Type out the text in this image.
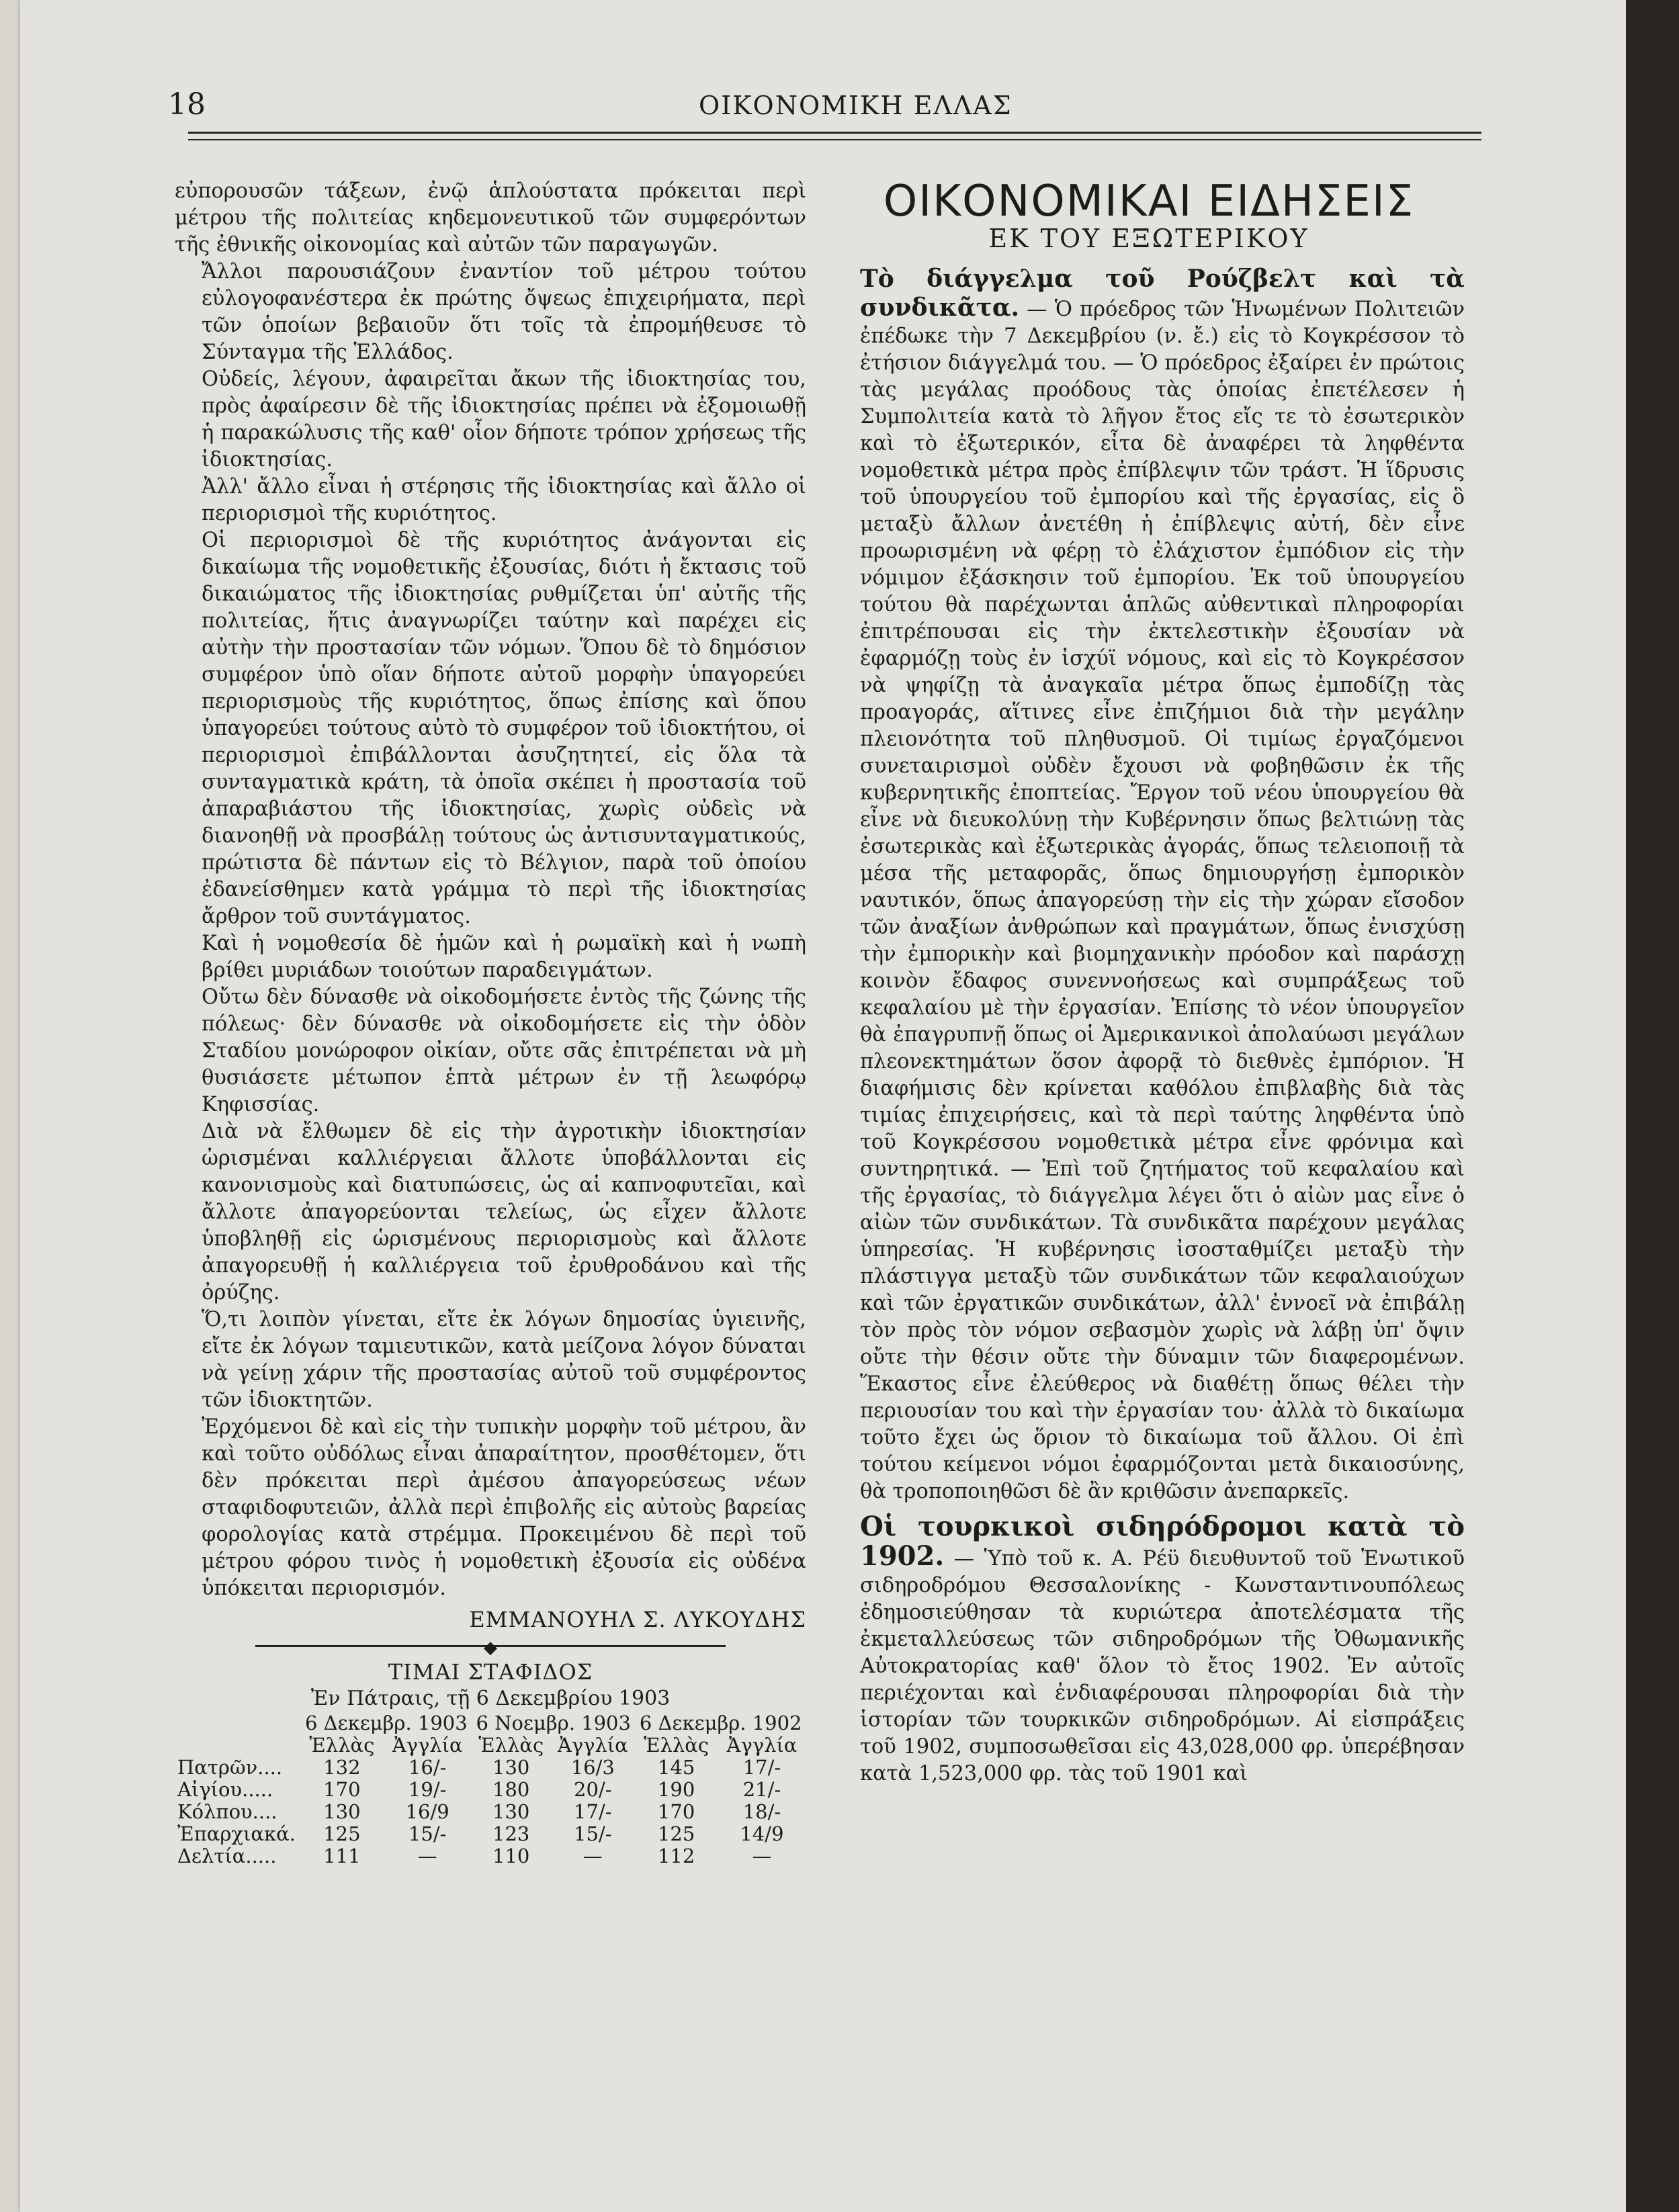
18	ΟΙΚΟΝΟΜΙΚΗ ΕΛΛΑΣ

εὐπορουσῶν τάξεων, ἐνῷ ἁπλούστατα πρόκειται περὶ μέτρου τῆς πολιτείας κηδεμονευτικοῦ τῶν συμφερόντων τῆς ἐθνικῆς οἰκονομίας καὶ αὐτῶν τῶν παραγωγῶν.

Ἄλλοι παρουσιάζουν ἐναντίον τοῦ μέτρου τούτου εὐλογοφανέστερα ἐκ πρώτης ὄψεως ἐπιχειρήματα, περὶ τῶν ὁποίων βεβαιοῦν ὅτι τοῖς τὰ ἐπρομήθευσε τὸ Σύνταγμα τῆς Ἑλλάδος.

Οὐδείς, λέγουν, ἀφαιρεῖται ἄκων τῆς ἰδιοκτησίας του, πρὸς ἀφαίρεσιν δὲ τῆς ἰδιοκτησίας πρέπει νὰ ἐξομοιωθῇ ἡ παρακώλυσις τῆς καθ' οἷον δήποτε τρόπον χρήσεως τῆς ἰδιοκτησίας.

Ἀλλ' ἄλλο εἶναι ἡ στέρησις τῆς ἰδιοκτησίας καὶ ἄλλο οἱ περιορισμοὶ τῆς κυριότητος.

Οἱ περιορισμοὶ δὲ τῆς κυριότητος ἀνάγονται εἰς δικαίωμα τῆς νομοθετικῆς ἐξουσίας, διότι ἡ ἔκτασις τοῦ δικαιώματος τῆς ἰδιοκτησίας ρυθμίζεται ὑπ' αὐτῆς τῆς πολιτείας, ἥτις ἀναγνωρίζει ταύτην καὶ παρέχει εἰς αὐτὴν τὴν προστασίαν τῶν νόμων. Ὅπου δὲ τὸ δημόσιον συμφέρον ὑπὸ οἵαν δήποτε αὐτοῦ μορφὴν ὑπαγορεύει περιορισμοὺς τῆς κυριότητος, ὅπως ἐπίσης καὶ ὅπου ὑπαγορεύει τούτους αὐτὸ τὸ συμφέρον τοῦ ἰδιοκτήτου, οἱ περιορισμοὶ ἐπιβάλλονται ἀσυζητητεί, εἰς ὅλα τὰ συνταγματικὰ κράτη, τὰ ὁποῖα σκέπει ἡ προστασία τοῦ ἀπαραβιάστου τῆς ἰδιοκτησίας, χωρὶς οὐδεὶς νὰ διανοηθῇ νὰ προσβάλῃ τούτους ὡς ἀντισυνταγματικούς, πρώτιστα δὲ πάντων εἰς τὸ Βέλγιον, παρὰ τοῦ ὁποίου ἐδανείσθημεν κατὰ γράμμα τὸ περὶ τῆς ἰδιοκτησίας ἄρθρον τοῦ συντάγματος.

Καὶ ἡ νομοθεσία δὲ ἡμῶν καὶ ἡ ρωμαϊκὴ καὶ ἡ νωπὴ βρίθει μυριάδων τοιούτων παραδειγμάτων.

Οὔτω δὲν δύνασθε νὰ οἰκοδομήσετε ἐντὸς τῆς ζώνης τῆς πόλεως· δὲν δύνασθε νὰ οἰκοδομήσετε εἰς τὴν ὁδὸν Σταδίου μονώροφον οἰκίαν, οὔτε σᾶς ἐπιτρέπεται νὰ μὴ θυσιάσετε μέτωπον ἑπτὰ μέτρων ἐν τῇ λεωφόρῳ Κηφισσίας.

Διὰ νὰ ἔλθωμεν δὲ εἰς τὴν ἀγροτικὴν ἰδιοκτησίαν ὡρισμέναι καλλιέργειαι ἄλλοτε ὑποβάλλονται εἰς κανονισμοὺς καὶ διατυπώσεις, ὡς αἱ καπνοφυτεῖαι, καὶ ἄλλοτε ἀπαγορεύονται τελείως, ὡς εἶχεν ἄλλοτε ὑποβληθῇ εἰς ὡρισμένους περιορισμοὺς καὶ ἄλλοτε ἀπαγορευθῇ ἡ καλλιέργεια τοῦ ἐρυθροδάνου καὶ τῆς ὀρύζης.

Ὅ,τι λοιπὸν γίνεται, εἴτε ἐκ λόγων δημοσίας ὑγιεινῆς, εἴτε ἐκ λόγων ταμιευτικῶν, κατὰ μείζονα λόγον δύναται νὰ γείνῃ χάριν τῆς προστασίας αὐτοῦ τοῦ συμφέροντος τῶν ἰδιοκτητῶν.

Ἐρχόμενοι δὲ καὶ εἰς τὴν τυπικὴν μορφὴν τοῦ μέτρου, ἂν καὶ τοῦτο οὐδόλως εἶναι ἀπαραίτητον, προσθέτομεν, ὅτι δὲν πρόκειται περὶ ἀμέσου ἀπαγορεύσεως νέων σταφιδοφυτειῶν, ἀλλὰ περὶ ἐπιβολῆς εἰς αὐτοὺς βαρείας φορολογίας κατὰ στρέμμα. Προκειμένου δὲ περὶ τοῦ μέτρου φόρου τινὸς ἡ νομοθετικὴ ἐξουσία εἰς οὐδένα ὑπόκειται περιορισμόν.

ΕΜΜΑΝΟΥΗΛ Σ. ΛΥΚΟΥΔΗΣ
◆
ΤΙΜΑΙ ΣΤΑΦΙΔΟΣ
Ἐν Πάτραις, τῇ 6 Δεκεμβρίου 1903
	6 Δεκεμβρ. 1903		6 Νοεμβρ. 1903		6 Δεκεμβρ. 1902	
	Ἑλλὰς	Ἀγγλία	Ἑλλὰς	Ἀγγλία	Ἑλλὰς	Ἀγγλία
Πατρῶν....	132	16/-	130	16/3	145	17/-
Αἰγίου.....	170	19/-	180	20/-	190	21/-
Κόλπου....	130	16/9	130	17/-	170	18/-
Ἐπαρχιακά.	125	15/-	123	15/-	125	14/9
Δελτία.....	111	—	110	—	112	—
ΟΙΚΟΝΟΜΙΚΑΙ ΕΙΔΗΣΕΙΣ
ΕΚ ΤΟΥ ΕΞΩΤΕΡΙΚΟΥ

Τὸ διάγγελμα τοῦ Ρούζβελτ καὶ τὰ συνδικᾶτα. — Ὁ πρόεδρος τῶν Ἡνωμένων Πολιτειῶν ἐπέδωκε τὴν 7 Δεκεμβρίου (ν. ἔ.) εἰς τὸ Κογκρέσσον τὸ ἐτήσιον διάγγελμά του. — Ὁ πρόεδρος ἐξαίρει ἐν πρώτοις τὰς μεγάλας προόδους τὰς ὁποίας ἐπετέλεσεν ἡ Συμπολιτεία κατὰ τὸ λῆγον ἔτος εἴς τε τὸ ἐσωτερικὸν καὶ τὸ ἐξωτερικόν, εἶτα δὲ ἀναφέρει τὰ ληφθέντα νομοθετικὰ μέτρα πρὸς ἐπίβλεψιν τῶν τράστ. Ἡ ἵδρυσις τοῦ ὑπουργείου τοῦ ἐμπορίου καὶ τῆς ἐργασίας, εἰς ὃ μεταξὺ ἄλλων ἀνετέθη ἡ ἐπίβλεψις αὐτή, δὲν εἶνε προωρισμένη νὰ φέρῃ τὸ ἐλάχιστον ἐμπόδιον εἰς τὴν νόμιμον ἐξάσκησιν τοῦ ἐμπορίου. Ἐκ τοῦ ὑπουργείου τούτου θὰ παρέχωνται ἁπλῶς αὐθεντικαὶ πληροφορίαι ἐπιτρέπουσαι εἰς τὴν ἐκτελεστικὴν ἐξουσίαν νὰ ἐφαρμόζῃ τοὺς ἐν ἰσχύϊ νόμους, καὶ εἰς τὸ Κογκρέσσον νὰ ψηφίζῃ τὰ ἀναγκαῖα μέτρα ὅπως ἐμποδίζῃ τὰς προαγοράς, αἵτινες εἶνε ἐπιζήμιοι διὰ τὴν μεγάλην πλειονότητα τοῦ πληθυσμοῦ. Οἱ τιμίως ἐργαζόμενοι συνεταιρισμοὶ οὐδὲν ἔχουσι νὰ φοβηθῶσιν ἐκ τῆς κυβερνητικῆς ἐποπτείας. Ἔργον τοῦ νέου ὑπουργείου θὰ εἶνε νὰ διευκολύνῃ τὴν Κυβέρνησιν ὅπως βελτιώνῃ τὰς ἐσωτερικὰς καὶ ἐξωτερικὰς ἀγοράς, ὅπως τελειοποιῇ τὰ μέσα τῆς μεταφορᾶς, ὅπως δημιουργήσῃ ἐμπορικὸν ναυτικόν, ὅπως ἀπαγορεύσῃ τὴν εἰς τὴν χώραν εἴσοδον τῶν ἀναξίων ἀνθρώπων καὶ πραγμάτων, ὅπως ἐνισχύσῃ τὴν ἐμπορικὴν καὶ βιομηχανικὴν πρόοδον καὶ παράσχῃ κοινὸν ἔδαφος συνεννοήσεως καὶ συμπράξεως τοῦ κεφαλαίου μὲ τὴν ἐργασίαν. Ἐπίσης τὸ νέον ὑπουργεῖον θὰ ἐπαγρυπνῇ ὅπως οἱ Ἀμερικανικοὶ ἀπολαύωσι μεγάλων πλεονεκτημάτων ὅσον ἀφορᾷ τὸ διεθνὲς ἐμπόριον. Ἡ διαφήμισις δὲν κρίνεται καθόλου ἐπιβλαβὴς διὰ τὰς τιμίας ἐπιχειρήσεις, καὶ τὰ περὶ ταύτης ληφθέντα ὑπὸ τοῦ Κογκρέσσου νομοθετικὰ μέτρα εἶνε φρόνιμα καὶ συντηρητικά. — Ἐπὶ τοῦ ζητήματος τοῦ κεφαλαίου καὶ τῆς ἐργασίας, τὸ διάγγελμα λέγει ὅτι ὁ αἰὼν μας εἶνε ὁ αἰὼν τῶν συνδικάτων. Τὰ συνδικᾶτα παρέχουν μεγάλας ὑπηρεσίας. Ἡ κυβέρνησις ἰσοσταθμίζει μεταξὺ τὴν πλάστιγγα μεταξὺ τῶν συνδικάτων τῶν κεφαλαιούχων καὶ τῶν ἐργατικῶν συνδικάτων, ἀλλ' ἐννοεῖ νὰ ἐπιβάλῃ τὸν πρὸς τὸν νόμον σεβασμὸν χωρὶς νὰ λάβῃ ὑπ' ὄψιν οὔτε τὴν θέσιν οὔτε τὴν δύναμιν τῶν διαφερομένων. Ἕκαστος εἶνε ἐλεύθερος νὰ διαθέτῃ ὅπως θέλει τὴν περιουσίαν του καὶ τὴν ἐργασίαν του· ἀλλὰ τὸ δικαίωμα τοῦτο ἔχει ὡς ὅριον τὸ δικαίωμα τοῦ ἄλλου. Οἱ ἐπὶ τούτου κείμενοι νόμοι ἐφαρμόζονται μετὰ δικαιοσύνης, θὰ τροποποιηθῶσι δὲ ἂν κριθῶσιν ἀνεπαρκεῖς.

Οἱ τουρκικοὶ σιδηρόδρομοι κατὰ τὸ 1902. — Ὑπὸ τοῦ κ. Α. Ρέϋ διευθυντοῦ τοῦ Ἑνωτικοῦ σιδηροδρόμου Θεσσαλονίκης - Κωνσταντινουπόλεως ἐδημοσιεύθησαν τὰ κυριώτερα ἀποτελέσματα τῆς ἐκμεταλλεύσεως τῶν σιδηροδρόμων τῆς Ὀθωμανικῆς Αὐτοκρατορίας καθ' ὅλον τὸ ἔτος 1902. Ἐν αὐτοῖς περιέχονται καὶ ἐνδιαφέρουσαι πληροφορίαι διὰ τὴν ἱστορίαν τῶν τουρκικῶν σιδηροδρόμων. Αἱ εἰσπράξεις τοῦ 1902, συμποσωθεῖσαι εἰς 43,028,000 φρ. ὑπερέβησαν κατὰ 1,523,000 φρ. τὰς τοῦ 1901 καὶ
